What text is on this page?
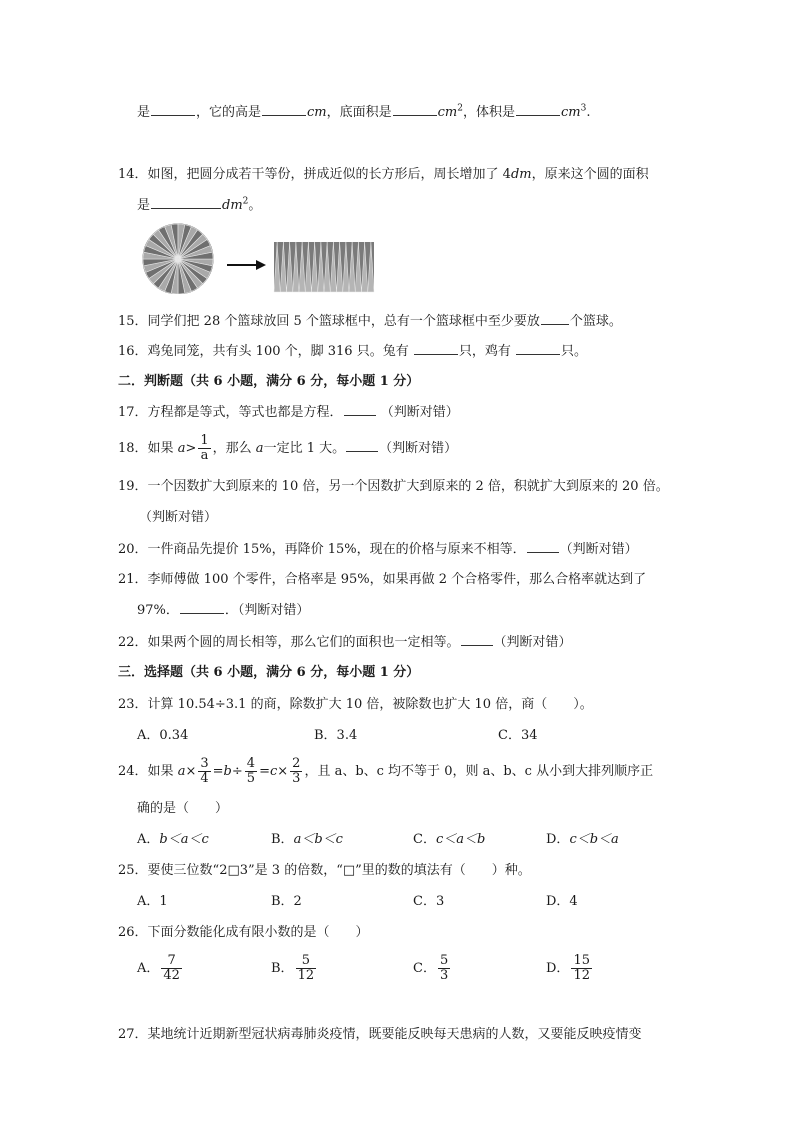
是	，它的高是	cm，底面积是	$cm^2$，体积是	$cm^3$.
14．如图，把圆分成若干等份，拼成近似的长方形后，周长增加了 4dm，原来这个圆的面积
是	$dm^2$。
15．同学们把 28 个篮球放回 5 个篮球框中，总有一个篮球框中至少要放 个篮球。
16．鸡兔同笼，共有头 100 个，脚 316 只。兔有	只，鸡有	只。
二．判断题（共 6 小题，满分 6 分，每小题 1 分）
17．方程都是等式，等式也都是方程．	（判断对错）
18．如果 $a> \frac{1}{a}$ ，那么 a一定比 1 大。	（判断对错）
19．一个因数扩大到原来的 10 倍，另一个因数扩大到原来的 2 倍，积就扩大到原来的 20 倍。
（判断对错）
20．一件商品先提价 15%，再降价 15%，现在的价格与原来不相等．	（判断对错）
21．李师傅做 100 个零件，合格率是 95%，如果再做 2 个合格零件，那么合格率就达到了
97%．	．（判断对错）
22．如果两个圆的周长相等，那么它们的面积也一定相等。	（判断对错）
三．选择题（共 6 小题，满分 6 分，每小题 1 分）
23．计算 10.54÷3.1 的商，除数扩大 10 倍，被除数也扩大 10 倍，商（　　）。
A．0.34	B．3.4	C．34
24．如果 $a\times \frac{3}{4} =b\div \frac{4}{5} =c\times \frac{2}{3}$ ，且 a、b、c 均不等于 0，则 a、b、c 从小到大排列顺序正
确的是（　　）
A．b＜a＜c	B．a＜b＜c	C．c＜a＜b	D．c＜b＜a
25．要使三位数“2□3”是 3 的倍数，“□”里的数的填法有（　　）种。
A．1	B．2	C．3	D．4
26．下面分数能化成有限小数的是（　　）
A． $\frac{7}{42}$	B． $\frac{5}{12}$	C． $\frac{5}{3}$	D． $\frac{15}{12}$
27．某地统计近期新型冠状病毒肺炎疫情，既要能反映每天患病的人数，又要能反映疫情变
